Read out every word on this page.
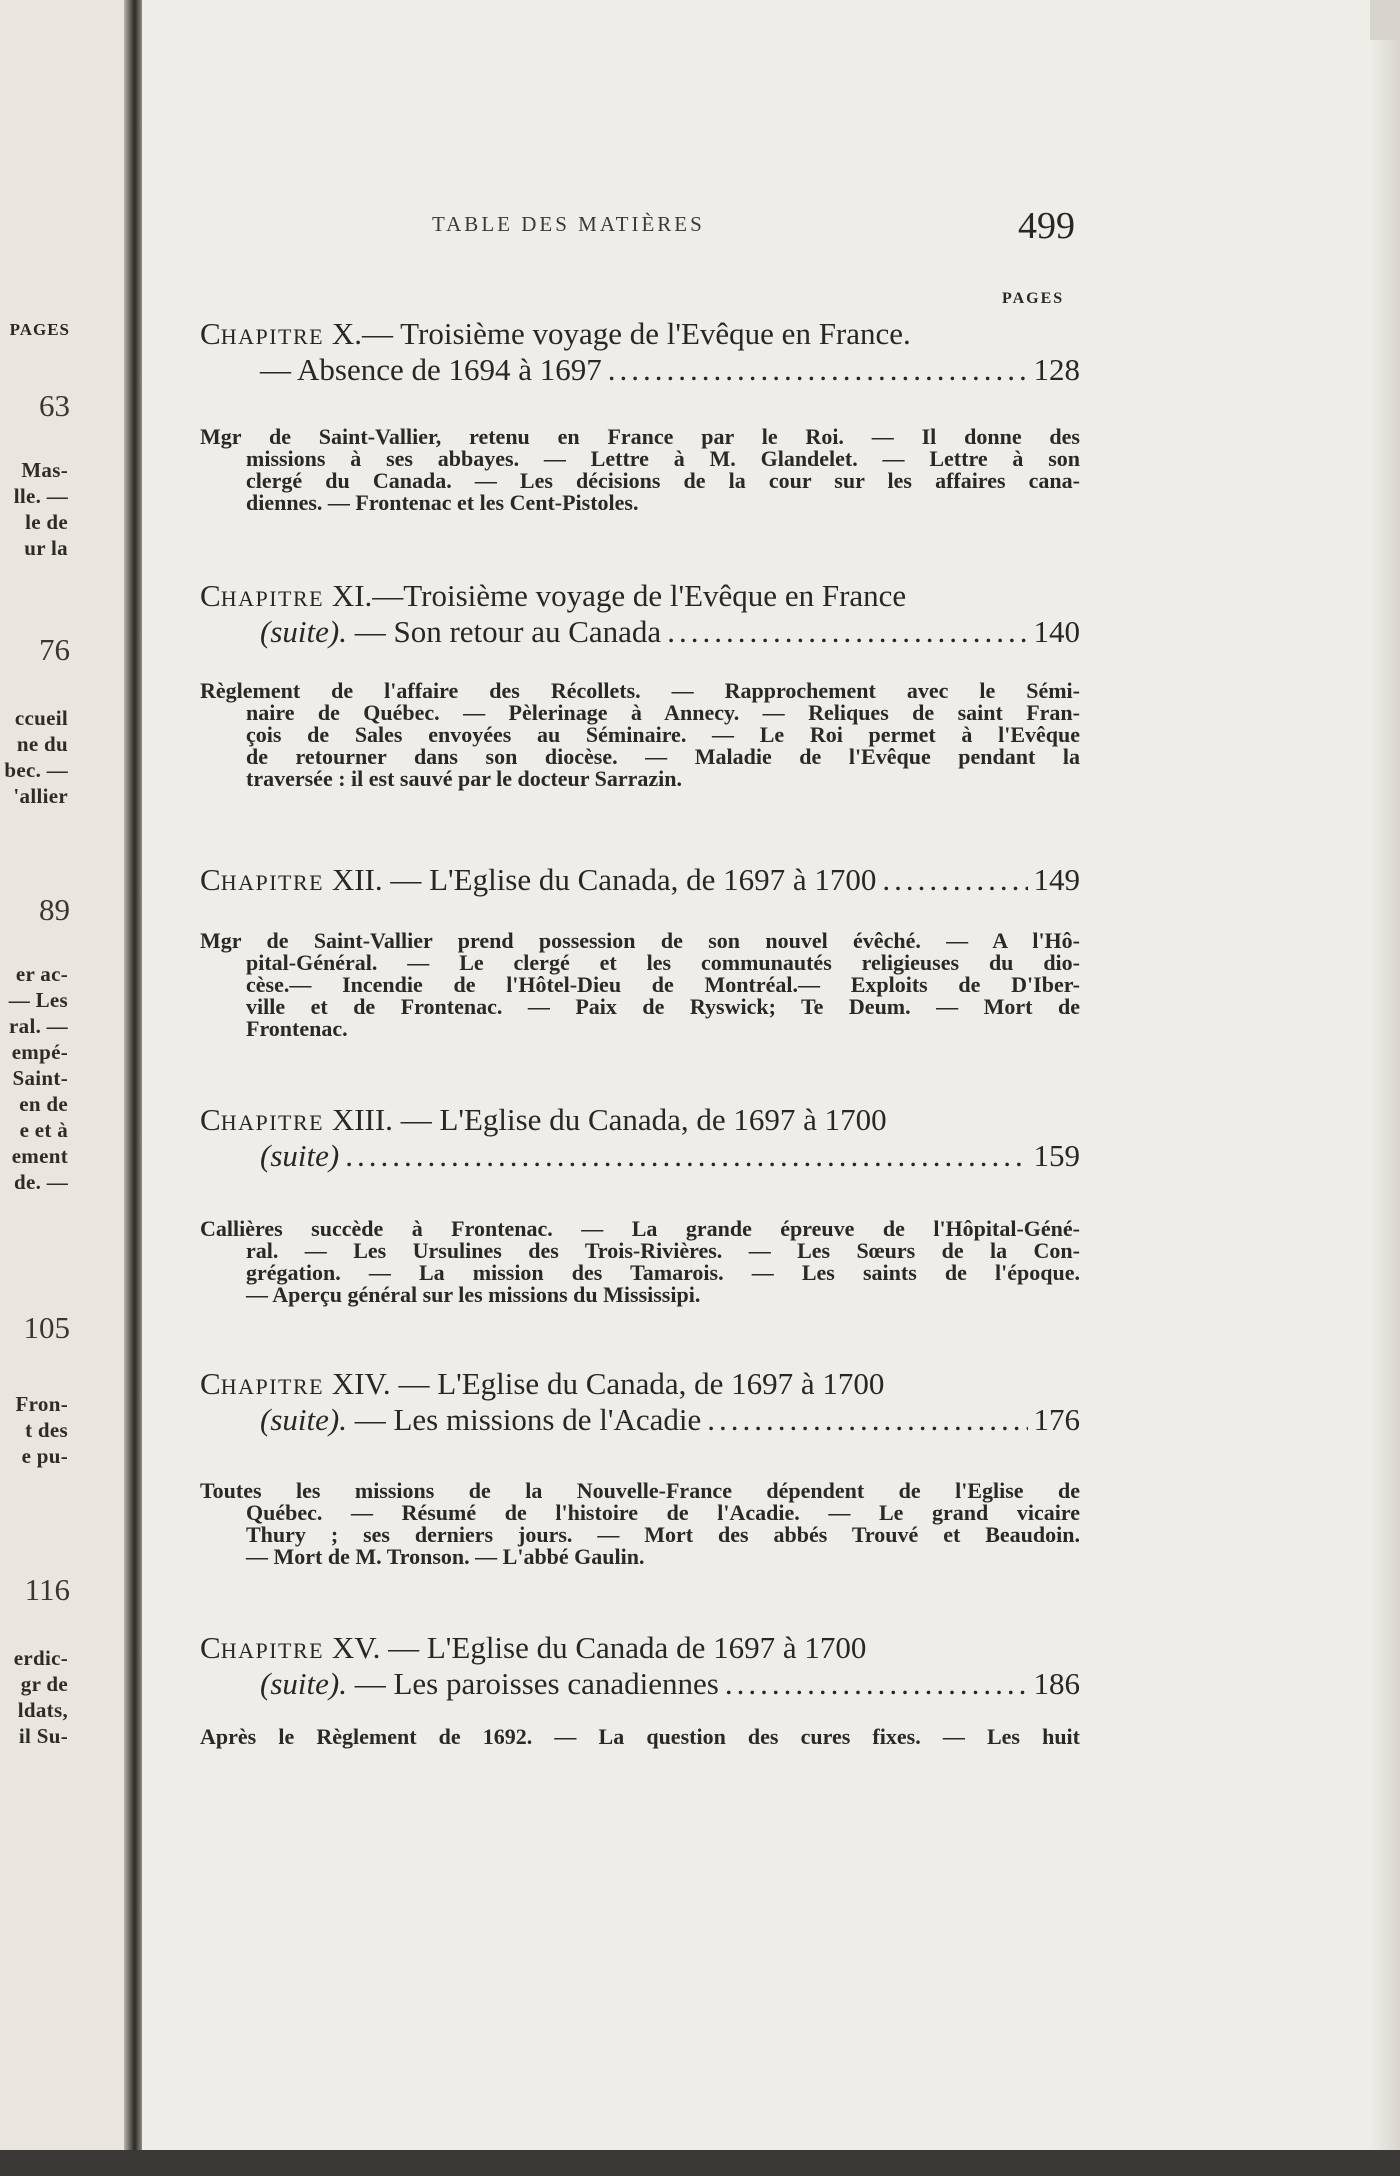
PAGES
63
Mas-
lle. —
le de
ur la
76
ccueil
ne du
bec. —
'allier
89
er ac-
— Les
ral. —
empé-
Saint-
en de
e et à
ement
de. —
105
Fron-
t des
e pu-
116
erdic-
gr de
ldats,
il Su-
TABLE DES MATIÈRES	499
PAGES
CHAPITRE X.— Troisième voyage de l'Evêque en France.
— Absence de 1694 à 1697 .....	128
Mgr de Saint-Vallier, retenu en France par le Roi. — Il donne des
missions à ses abbayes. — Lettre à M. Glandelet. — Lettre à son
clergé du Canada. — Les décisions de la cour sur les affaires cana-
diennes. — Frontenac et les Cent-Pistoles.
CHAPITRE XI.—Troisième voyage de l'Evêque en France
(suite). — Son retour au Canada .....	140
Règlement de l'affaire des Récollets. — Rapprochement avec le Sémi-
naire de Québec. — Pèlerinage à Annecy. — Reliques de saint Fran-
çois de Sales envoyées au Séminaire. — Le Roi permet à l'Evêque
de retourner dans son diocèse. — Maladie de l'Evêque pendant la
traversée : il est sauvé par le docteur Sarrazin.
CHAPITRE XII. — L'Eglise du Canada, de 1697 à 1700 .....	149
Mgr de Saint-Vallier prend possession de son nouvel évêché. — A l'Hô-
pital-Général. — Le clergé et les communautés religieuses du dio-
cèse.— Incendie de l'Hôtel-Dieu de Montréal.— Exploits de D'Iber-
ville et de Frontenac. — Paix de Ryswick; Te Deum. — Mort de
Frontenac.
CHAPITRE XIII. — L'Eglise du Canada, de 1697 à 1700
(suite) .....	159
Callières succède à Frontenac. — La grande épreuve de l'Hôpital-Géné-
ral. — Les Ursulines des Trois-Rivières. — Les Sœurs de la Con-
grégation. — La mission des Tamarois. — Les saints de l'époque.
— Aperçu général sur les missions du Mississipi.
CHAPITRE XIV. — L'Eglise du Canada, de 1697 à 1700
(suite). — Les missions de l'Acadie .....	176
Toutes les missions de la Nouvelle-France dépendent de l'Eglise de
Québec. — Résumé de l'histoire de l'Acadie. — Le grand vicaire
Thury ; ses derniers jours. — Mort des abbés Trouvé et Beaudoin.
— Mort de M. Tronson. — L'abbé Gaulin.
CHAPITRE XV. — L'Eglise du Canada de 1697 à 1700
(suite). — Les paroisses canadiennes .....	186
Après le Règlement de 1692. — La question des cures fixes. — Les huit
